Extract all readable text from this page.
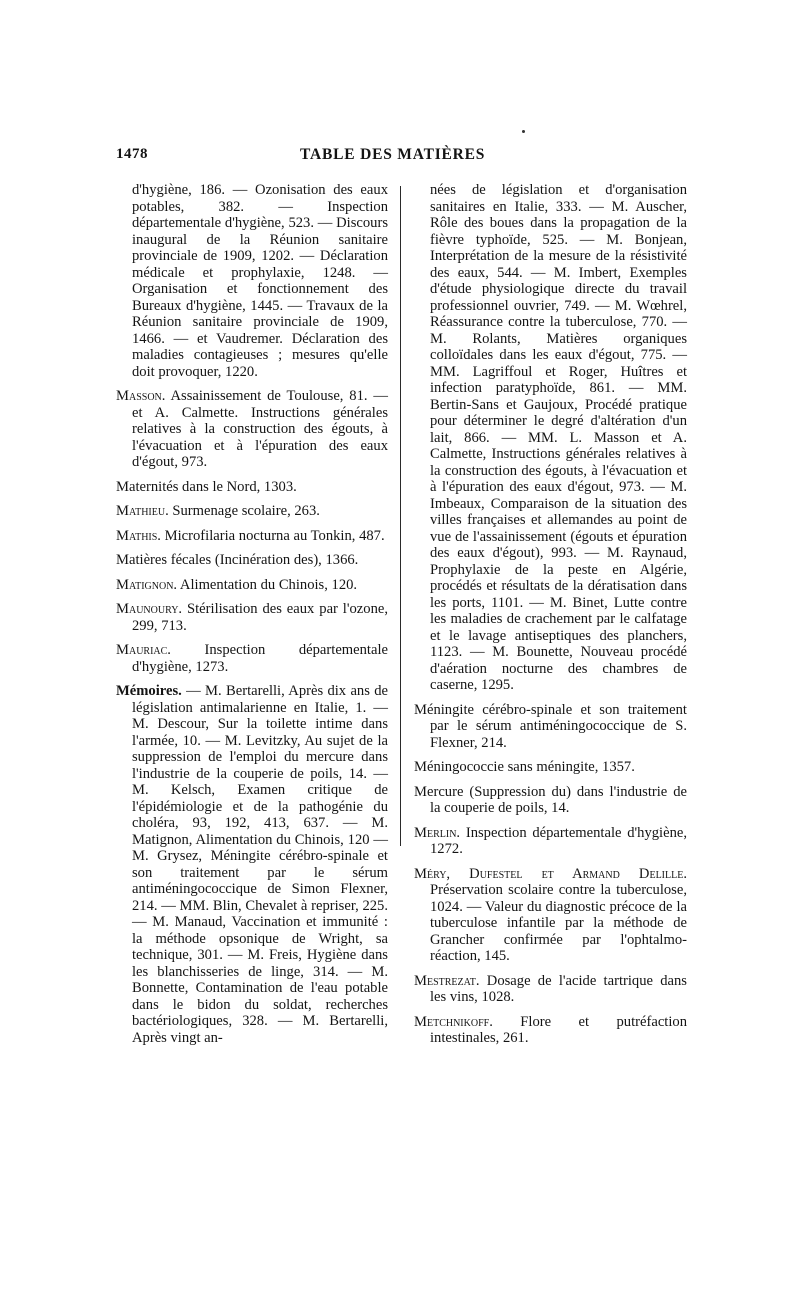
1478	TABLE DES MATIÈRES

d'hygiène, 186. — Ozonisation des eaux potables, 382. — Inspection départementale d'hygiène, 523. — Discours inaugural de la Réunion sanitaire provinciale de 1909, 1202. — Déclaration médicale et prophylaxie, 1248. — Organisation et fonctionnement des Bureaux d'hygiène, 1445. — Travaux de la Réunion sanitaire provinciale de 1909, 1466. — et Vaudremer. Déclaration des maladies contagieuses ; mesures qu'elle doit provoquer, 1220.

Masson. Assainissement de Toulouse, 81. — et A. Calmette. Instructions générales relatives à la construction des égouts, à l'évacuation et à l'épuration des eaux d'égout, 973.

Maternités dans le Nord, 1303.

Mathieu. Surmenage scolaire, 263.

Mathis. Microfilaria nocturna au Tonkin, 487.

Matières fécales (Incinération des), 1366.

Matignon. Alimentation du Chinois, 120.

Maunoury. Stérilisation des eaux par l'ozone, 299, 713.

Mauriac. Inspection départementale d'hygiène, 1273.

Mémoires. — M. Bertarelli, Après dix ans de législation antimalarienne en Italie, 1. — M. Descour, Sur la toilette intime dans l'armée, 10. — M. Levitzky, Au sujet de la suppression de l'emploi du mercure dans l'industrie de la couperie de poils, 14. — M. Kelsch, Examen critique de l'épidémiologie et de la pathogénie du choléra, 93, 192, 413, 637. — M. Matignon, Alimentation du Chinois, 120 — M. Grysez, Méningite cérébro-spinale et son traitement par le sérum antiméningococcique de Simon Flexner, 214. — MM. Blin, Chevalet à repriser, 225. — M. Manaud, Vaccination et immunité : la méthode opsonique de Wright, sa technique, 301. — M. Freis, Hygiène dans les blanchisseries de linge, 314. — M. Bonnette, Contamination de l'eau potable dans le bidon du soldat, recherches bactériologiques, 328. — M. Bertarelli, Après vingt an-

nées de législation et d'organisation sanitaires en Italie, 333. — M. Auscher, Rôle des boues dans la propagation de la fièvre typhoïde, 525. — M. Bonjean, Interprétation de la mesure de la résistivité des eaux, 544. — M. Imbert, Exemples d'étude physiologique directe du travail professionnel ouvrier, 749. — M. Wœhrel, Réassurance contre la tuberculose, 770. — M. Rolants, Matières organiques colloïdales dans les eaux d'égout, 775. — MM. Lagriffoul et Roger, Huîtres et infection paratyphoïde, 861. — MM. Bertin-Sans et Gaujoux, Procédé pratique pour déterminer le degré d'altération d'un lait, 866. — MM. L. Masson et A. Calmette, Instructions générales relatives à la construction des égouts, à l'évacuation et à l'épuration des eaux d'égout, 973. — M. Imbeaux, Comparaison de la situation des villes françaises et allemandes au point de vue de l'assainissement (égouts et épuration des eaux d'égout), 993. — M. Raynaud, Prophylaxie de la peste en Algérie, procédés et résultats de la dératisation dans les ports, 1101. — M. Binet, Lutte contre les maladies de crachement par le calfatage et le lavage antiseptiques des planchers, 1123. — M. Bounette, Nouveau procédé d'aération nocturne des chambres de caserne, 1295.

Méningite cérébro-spinale et son traitement par le sérum antiméningococcique de S. Flexner, 214.

Méningococcie sans méningite, 1357.

Mercure (Suppression du) dans l'industrie de la couperie de poils, 14.

Merlin. Inspection départementale d'hygiène, 1272.

Méry, Dufestel et Armand Delille. Préservation scolaire contre la tuberculose, 1024. — Valeur du diagnostic précoce de la tuberculose infantile par la méthode de Grancher confirmée par l'ophtalmo-réaction, 145.

Mestrezat. Dosage de l'acide tartrique dans les vins, 1028.

Metchnikoff. Flore et putréfaction intestinales, 261.
